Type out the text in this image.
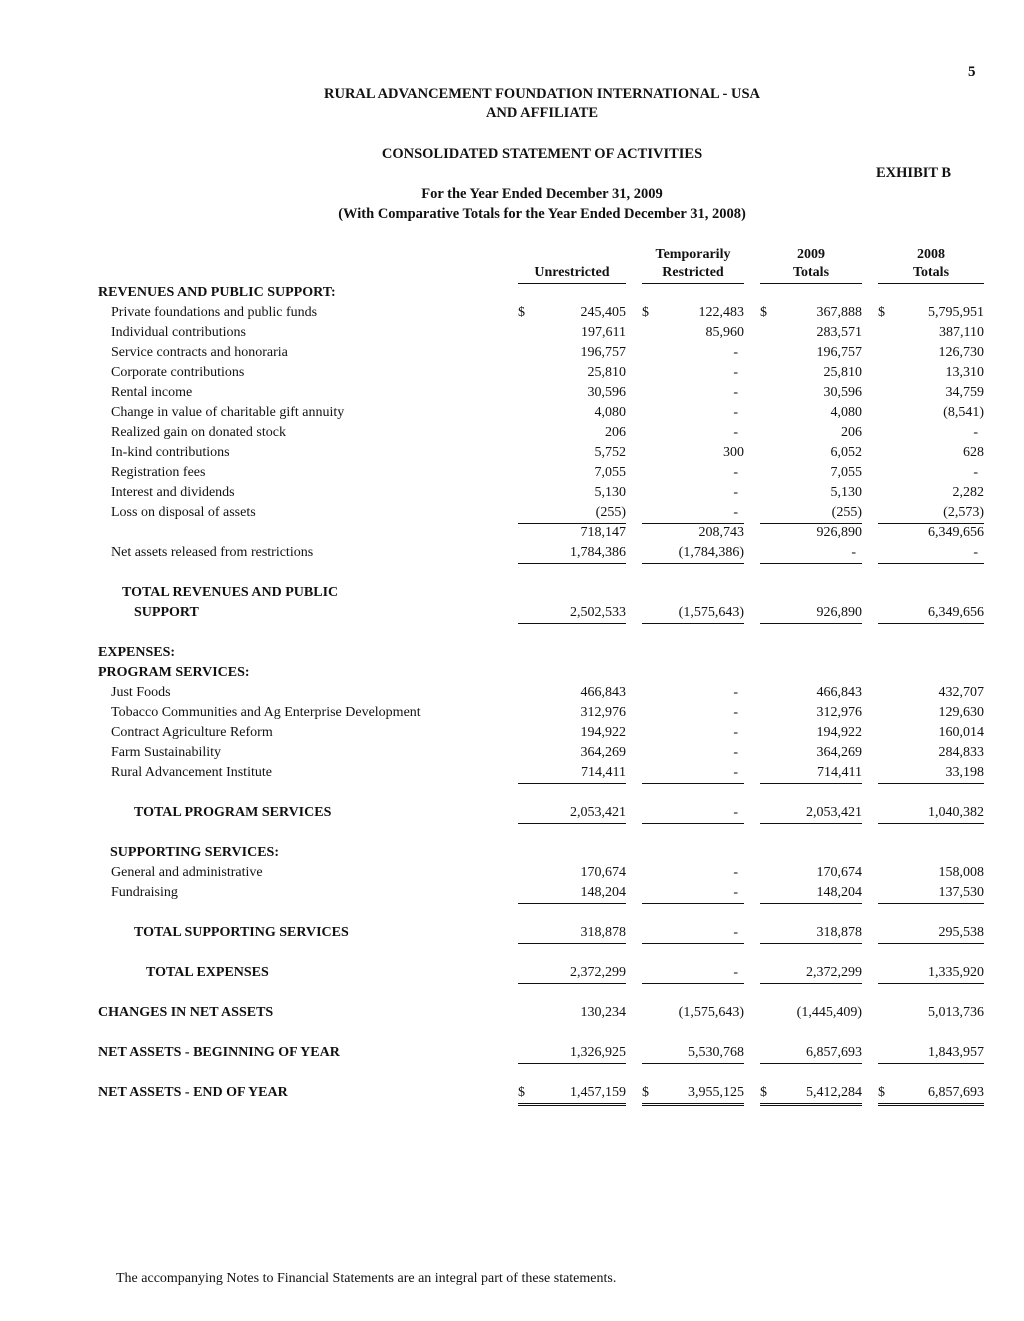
5
RURAL ADVANCEMENT FOUNDATION INTERNATIONAL - USA
AND AFFILIATE
CONSOLIDATED STATEMENT OF ACTIVITIES
EXHIBIT B
For the Year Ended December 31, 2009
(With Comparative Totals for the Year Ended December 31, 2008)
Unrestricted
Temporarily
Restricted
2009
Totals
2008
Totals
REVENUES AND PUBLIC SUPPORT:
Private foundations and public funds	$	245,405 $	122,483 $	367,888 $	5,795,951
Individual contributions	197,611	85,960	283,571	387,110
Service contracts and honoraria	196,757	-	196,757	126,730
Corporate contributions	25,810	-	25,810	13,310
Rental income	30,596	-	30,596	34,759
Change in value of charitable gift annuity	4,080	-	4,080	(8,541)
Realized gain on donated stock	206	-	206	-
In-kind contributions	5,752	300	6,052	628
Registration fees	7,055	-	7,055	-
Interest and dividends	5,130	-	5,130	2,282
Loss on disposal of assets	(255)	-	(255)	(2,573)
718,147	208,743	926,890	6,349,656
Net assets released from restrictions	1,784,386	(1,784,386)	-	-
TOTAL REVENUES AND PUBLIC
SUPPORT	2,502,533	(1,575,643)	926,890	6,349,656
EXPENSES:
PROGRAM SERVICES:
Just Foods	466,843	-	466,843	432,707
Tobacco Communities and Ag Enterprise Development	312,976	-	312,976	129,630
Contract Agriculture Reform	194,922	-	194,922	160,014
Farm Sustainability	364,269	-	364,269	284,833
Rural Advancement Institute	714,411	-	714,411	33,198
TOTAL PROGRAM SERVICES	2,053,421	-	2,053,421	1,040,382
SUPPORTING SERVICES:
General and administrative	170,674	-	170,674	158,008
Fundraising	148,204	-	148,204	137,530
TOTAL SUPPORTING SERVICES	318,878	-	318,878	295,538
TOTAL EXPENSES	2,372,299	-	2,372,299	1,335,920
CHANGES IN NET ASSETS	130,234	(1,575,643)	(1,445,409)	5,013,736
NET ASSETS - BEGINNING OF YEAR	1,326,925	5,530,768	6,857,693	1,843,957
NET ASSETS - END OF YEAR	$	1,457,159 $	3,955,125 $	5,412,284 $	6,857,693
The accompanying Notes to Financial Statements are an integral part of these statements.
